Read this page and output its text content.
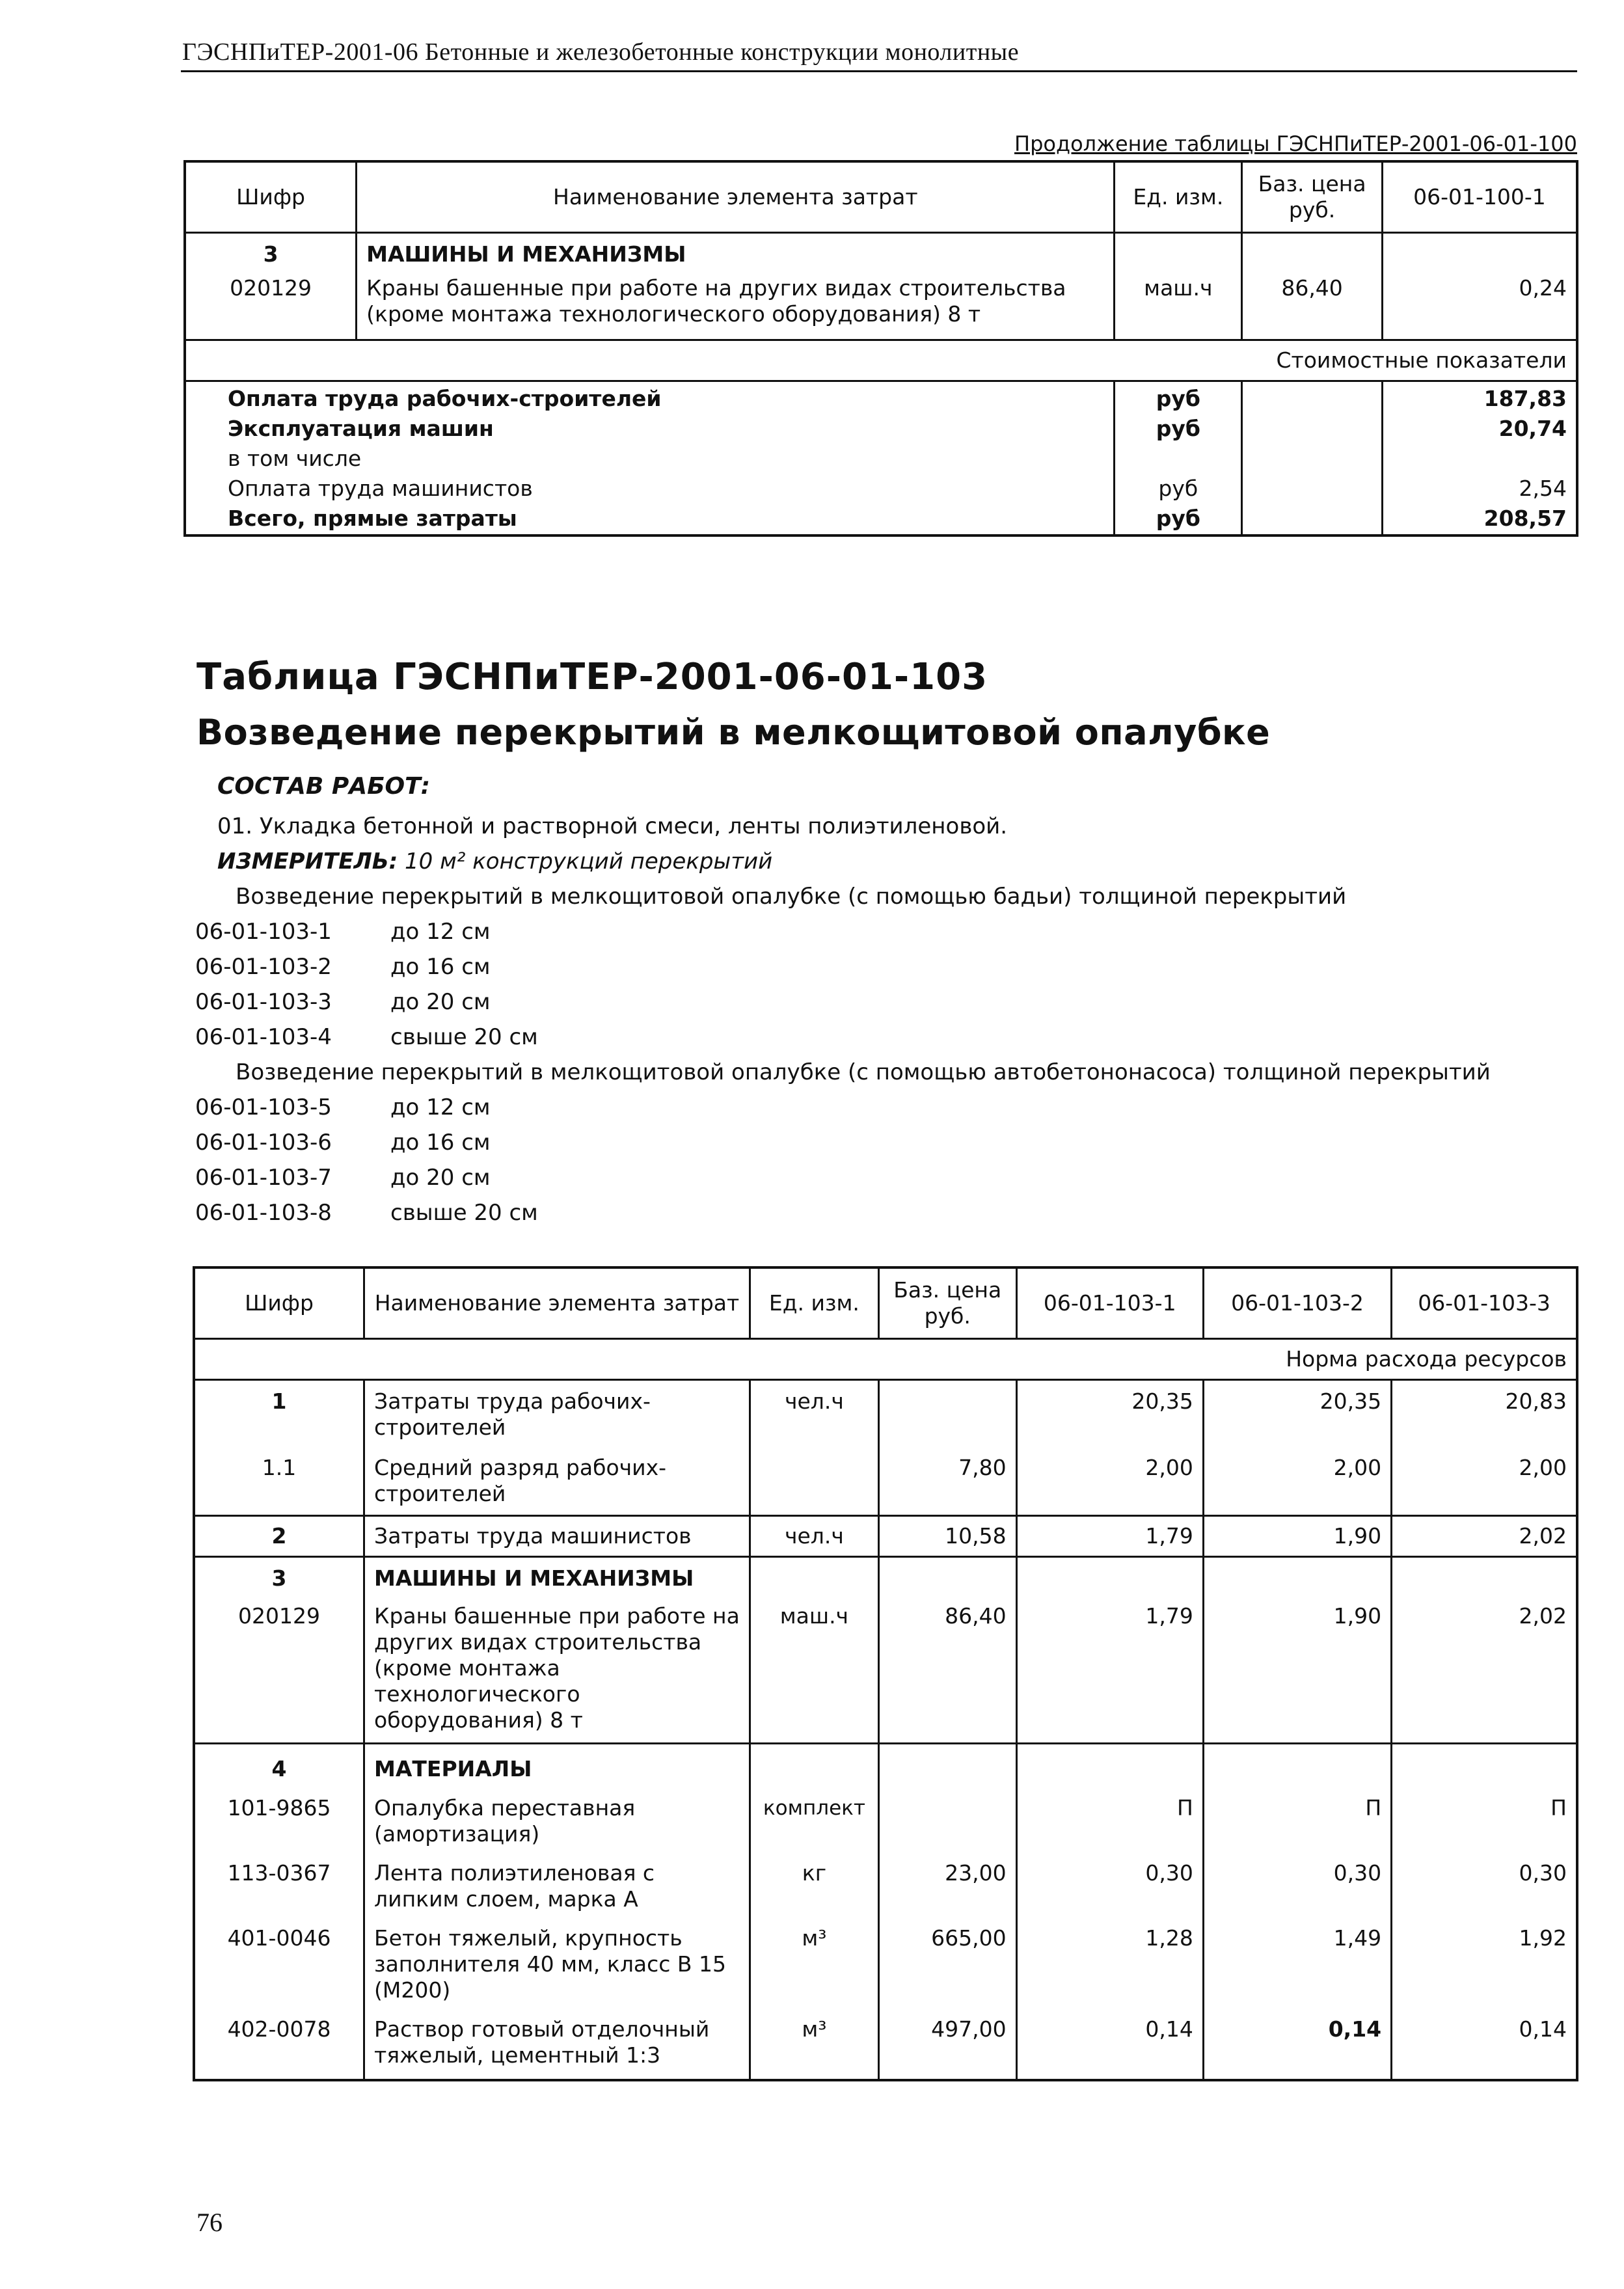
ГЭСНПиТЕР-2001-06 Бетонные и железобетонные конструкции монолитные
Продолжение таблицы ГЭСНПиТЕР-2001-06-01-100
Шифр	Наименование элемента затрат	Ед. изм.	Баз. цена руб.	06-01-100-1
3	МАШИНЫ И МЕХАНИЗМЫ			
020129	Краны башенные при работе на других видах строительства (кроме монтажа технологического оборудования) 8 т	маш.ч	86,40	0,24
Стоимостные показатели				
Оплата труда рабочих-строителей		руб		187,83
Эксплуатация машин		руб		20,74
в том числе				
Оплата труда машинистов		руб		2,54
Всего, прямые затраты		руб		208,57
Таблица ГЭСНПиТЕР-2001-06-01-103
Возведение перекрытий в мелкощитовой опалубке
СОСТАВ РАБОТ:
01. Укладка бетонной и растворной смеси, ленты полиэтиленовой.
ИЗМЕРИТЕЛЬ: 10 м² конструкций перекрытий
Возведение перекрытий в мелкощитовой опалубке (с помощью бадьи) толщиной перекрытий
06-01-103-1	до 12 см
06-01-103-2	до 16 см
06-01-103-3	до 20 см
06-01-103-4	свыше 20 см
Возведение перекрытий в мелкощитовой опалубке (с помощью автобетононасоса) толщиной перекрытий
06-01-103-5	до 12 см
06-01-103-6	до 16 см
06-01-103-7	до 20 см
06-01-103-8	свыше 20 см
Шифр	Наименование элемента затрат	Ед. изм.	Баз. цена руб.	06-01-103-1	06-01-103-2	06-01-103-3
Норма расхода ресурсов						
1	Затраты труда рабочих-строителей	чел.ч		20,35	20,35	20,83
1.1	Средний разряд рабочих-строителей		7,80	2,00	2,00	2,00
2	Затраты труда машинистов	чел.ч	10,58	1,79	1,90	2,02
3	МАШИНЫ И МЕХАНИЗМЫ					
020129	Краны башенные при работе на других видах строительства (кроме монтажа технологического оборудования) 8 т	маш.ч	86,40	1,79	1,90	2,02
4	МАТЕРИАЛЫ					
101-9865	Опалубка переставная (амортизация)	комплект		П	П	П
113-0367	Лента полиэтиленовая с липким слоем, марка А	кг	23,00	0,30	0,30	0,30
401-0046	Бетон тяжелый, крупность заполнителя 40 мм, класс В 15 (М200)	м³	665,00	1,28	1,49	1,92
402-0078	Раствор готовый отделочный тяжелый, цементный 1:3	м³	497,00	0,14	0,14	0,14
76
